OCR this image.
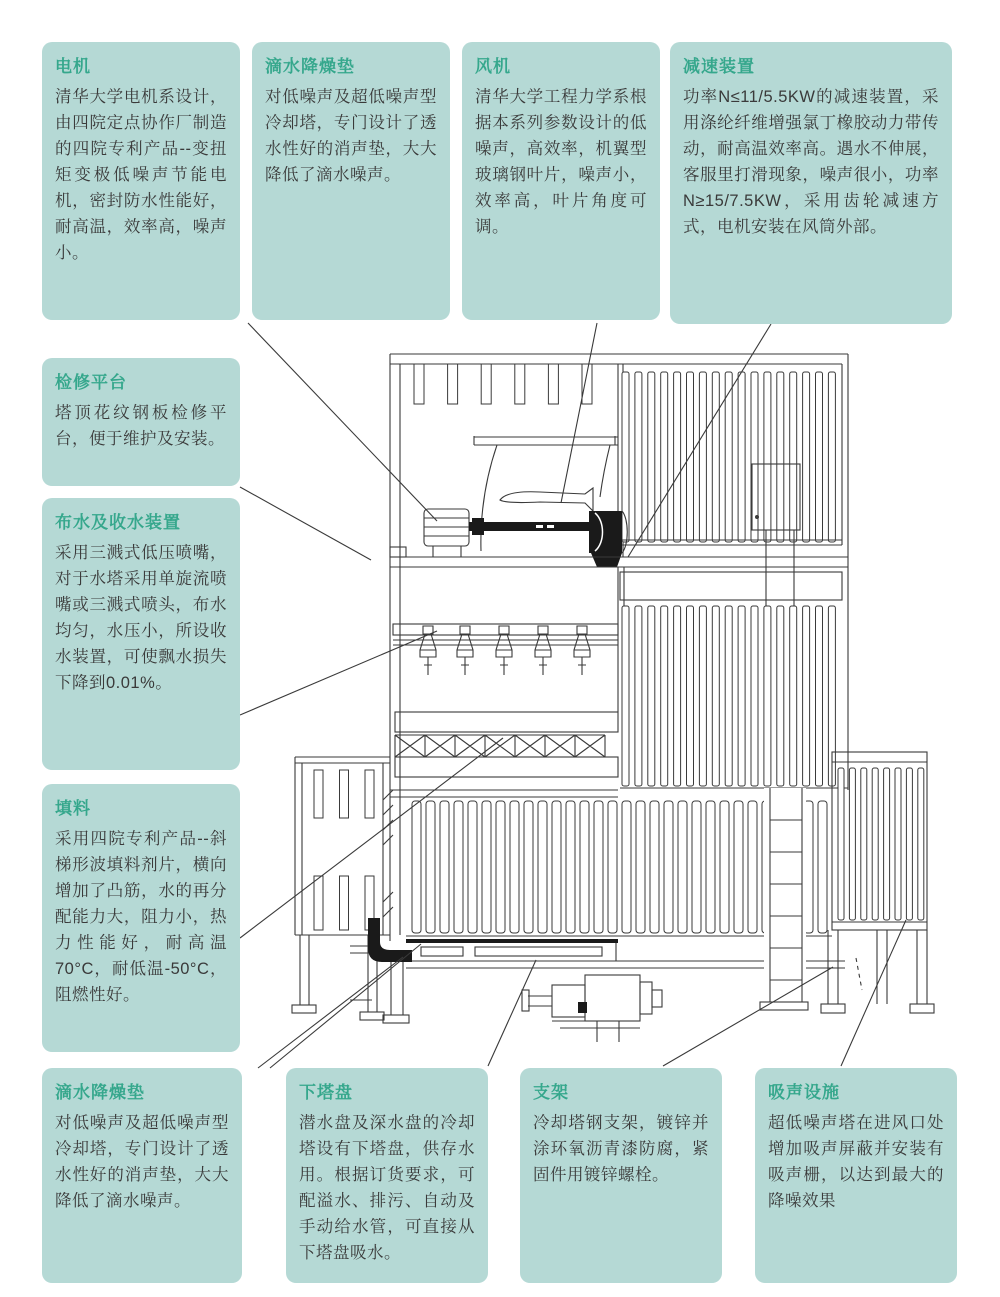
电机
清华大学电机系设计，由四院定点协作厂制造的四院专利产品--变扭矩变极低噪声节能电机，密封防水性能好，耐高温，效率高，噪声小。
滴水降燥垫
对低噪声及超低噪声型冷却塔，专门设计了透水性好的消声垫，大大降低了滴水噪声。
风机
清华大学工程力学系根据本系列参数设计的低噪声，高效率，机翼型玻璃钢叶片，噪声小，效率高，叶片角度可调。
减速装置
功率N≤11/5.5KW的减速装置，采用涤纶纤维增强氯丁橡胶动力带传动，耐高温效率高。遇水不伸展，客服里打滑现象，噪声很小，功率N≥15/7.5KW，采用齿轮减速方式，电机安装在风筒外部。
检修平台
塔顶花纹钢板检修平台，便于维护及安装。
布水及收水装置
采用三溅式低压喷嘴，对于水塔采用单旋流喷嘴或三溅式喷头，布水均匀，水压小，所设收水装置，可使飘水损失下降到0.01%。
填料
采用四院专利产品--斜梯形波填料剂片，横向增加了凸筋，水的再分配能力大，阻力小，热力性能好，耐高温70°C，耐低温-50°C，阻燃性好。
滴水降燥垫
对低噪声及超低噪声型冷却塔，专门设计了透水性好的消声垫，大大降低了滴水噪声。
下塔盘
潜水盘及深水盘的冷却塔设有下塔盘，供存水用。根据订货要求，可配溢水、排污、自动及手动给水管，可直接从下塔盘吸水。
支架
冷却塔钢支架，镀锌并涂环氧沥青漆防腐，紧固件用镀锌螺栓。
吸声设施
超低噪声塔在进风口处增加吸声屏蔽并安装有吸声栅，以达到最大的降噪效果
